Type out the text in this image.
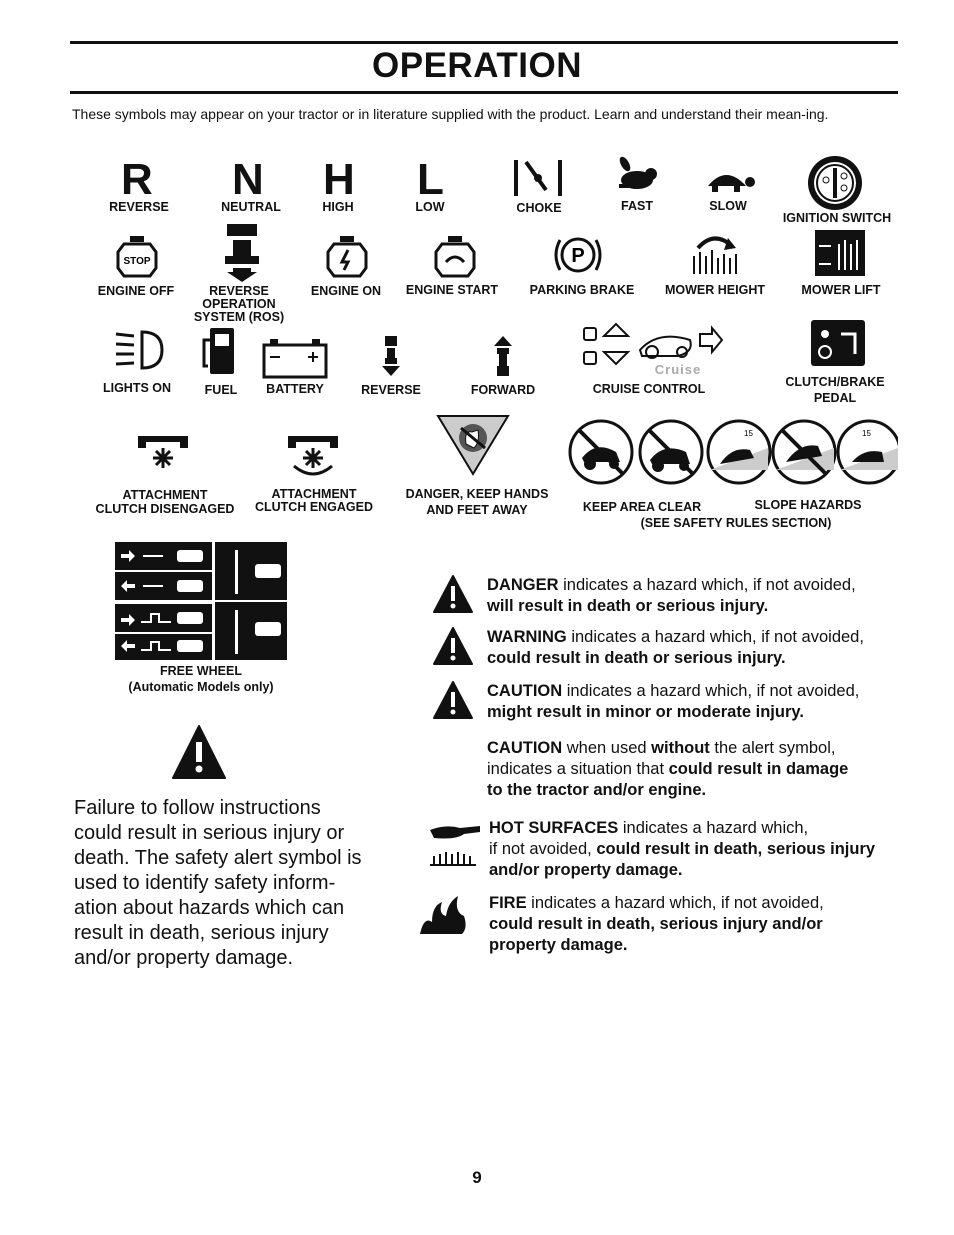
OPERATION
These symbols may appear on your tractor or in literature supplied with the product. Learn and understand their mean-ing.
R
REVERSE
N
NEUTRAL
H
HIGH
L
LOW	CHOKE	FAST	SLOW
IGNITION SWITCH
STOP
ENGINE OFF	REVERSE
OPERATION
SYSTEM (ROS)
ENGINE ON	ENGINE START
P
PARKING BRAKE	MOWER HEIGHT	MOWER LIFT
LIGHTS ON	FUEL	BATTERY	REVERSE	FORWARD
Cruise
CRUISE CONTROL	CLUTCH/BRAKE
PEDAL
ATTACHMENT
CLUTCH DISENGAGED
ATTACHMENT
CLUTCH ENGAGED
DANGER, KEEP HANDS
AND FEET AWAY
15	15
KEEP AREA CLEAR	SLOPE HAZARDS
(SEE SAFETY RULES SECTION)
FREE WHEEL
(Automatic Models only)
Failure to follow instructions could result in serious injury or death. The safety alert symbol is used to identify safety inform-ation about hazards which can result in death, serious injury and/or property damage.
DANGER indicates a hazard which, if not avoided,
will result in death or serious injury.
WARNING indicates a hazard which, if not avoided,
could result in death or serious injury.
CAUTION indicates a hazard which, if not avoided,
might result in minor or moderate injury.
CAUTION when used without the alert symbol,
indicates a situation that could result in damage
to the tractor and/or engine.
HOT SURFACES indicates a hazard which,
if not avoided, could result in death, serious injury
and/or property damage.
FIRE indicates a hazard which, if not avoided,
could result in death, serious injury and/or
property damage.
9
